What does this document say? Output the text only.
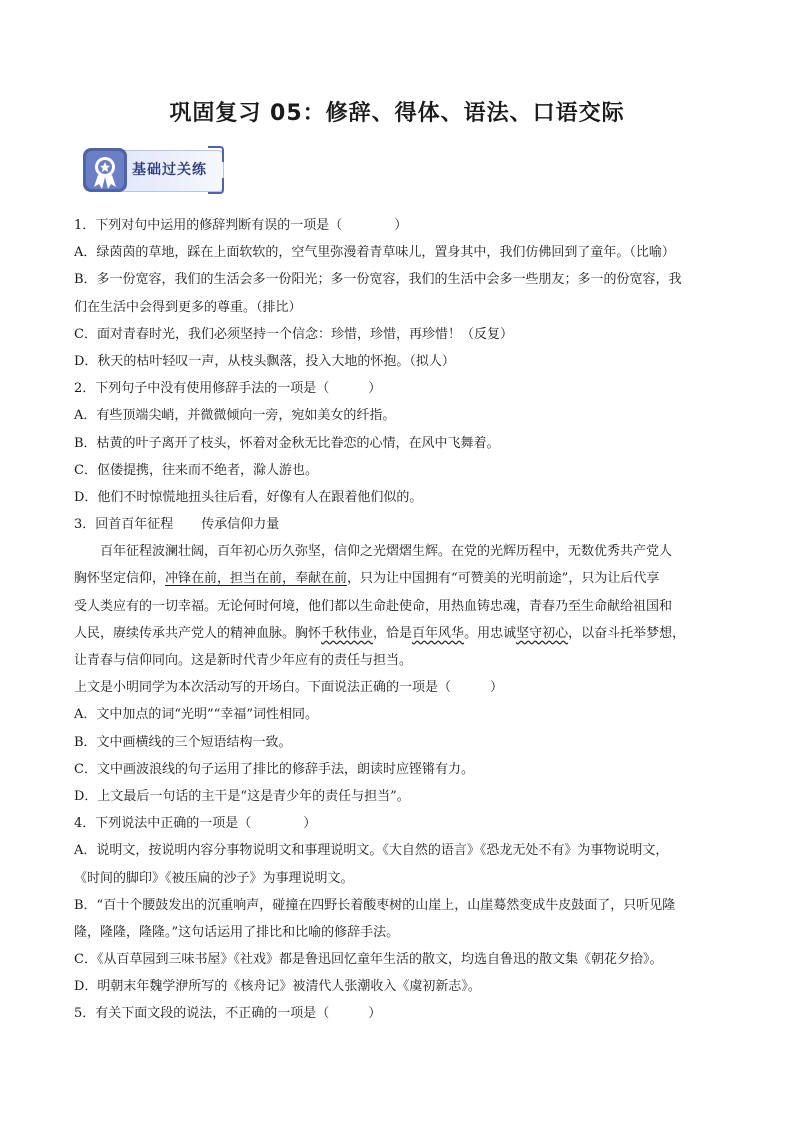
巩固复习 05：修辞、得体、语法、口语交际
基础过关练
1．下列对句中运用的修辞判断有误的一项是（　　　　）
A．绿茵茵的草地，踩在上面软软的，空气里弥漫着青草味儿，置身其中，我们仿佛回到了童年。（比喻）
B．多一份宽容，我们的生活会多一份阳光；多一份宽容，我们的生活中会多一些朋友；多一的份宽容，我
们在生活中会得到更多的尊重。（排比）
C．面对青春时光，我们必须坚持一个信念：珍惜，珍惜，再珍惜！（反复）
D．秋天的枯叶轻叹一声，从枝头飘落，投入大地的怀抱。（拟人）
2．下列句子中没有使用修辞手法的一项是（　　　）
A．有些顶端尖峭，并微微倾向一旁，宛如美女的纤指。
B．枯黄的叶子离开了枝头，怀着对金秋无比眷恋的心情，在风中飞舞着。
C．伛偻提携，往来而不绝者，滁人游也。
D．他们不时惊慌地扭头往后看，好像有人在跟着他们似的。
3．回首百年征程 传承信仰力量
百年征程波澜壮阔，百年初心历久弥坚，信仰之光熠熠生辉。在党的光辉历程中，无数优秀共产党人
胸怀坚定信仰，冲锋在前，担当在前，奉献在前，只为让中国拥有“可赞美的光明前途”，只为让后代享
受人类应有的一切幸福。无论何时何境，他们都以生命赴使命，用热血铸忠魂，青春乃至生命献给祖国和
人民，赓续传承共产党人的精神血脉。胸怀千秋伟业，恰是百年风华。用忠诚坚守初心，以奋斗托举梦想，
让青春与信仰同向。这是新时代青少年应有的责任与担当。
上文是小明同学为本次活动写的开场白。下面说法正确的一项是（　　　）
A．文中加点的词“光明”“幸福”词性相同。
B．文中画横线的三个短语结构一致。
C．文中画波浪线的句子运用了排比的修辞手法，朗读时应铿锵有力。
D．上文最后一句话的主干是“这是青少年的责任与担当”。
4．下列说法中正确的一项是（　　　　）
A．说明文，按说明内容分事物说明文和事理说明文。《大自然的语言》《恐龙无处不有》为事物说明文，
《时间的脚印》《被压扁的沙子》为事理说明文。
B．“百十个腰鼓发出的沉重响声，碰撞在四野长着酸枣树的山崖上，山崖蓦然变成牛皮鼓面了，只听见隆
隆，隆隆，隆隆。”这句话运用了排比和比喻的修辞手法。
C．《从百草园到三味书屋》《社戏》都是鲁迅回忆童年生活的散文，均选自鲁迅的散文集《朝花夕拾》。
D．明朝末年魏学洢所写的《核舟记》被清代人张潮收入《虞初新志》。
5．有关下面文段的说法，不正确的一项是（　　　）
